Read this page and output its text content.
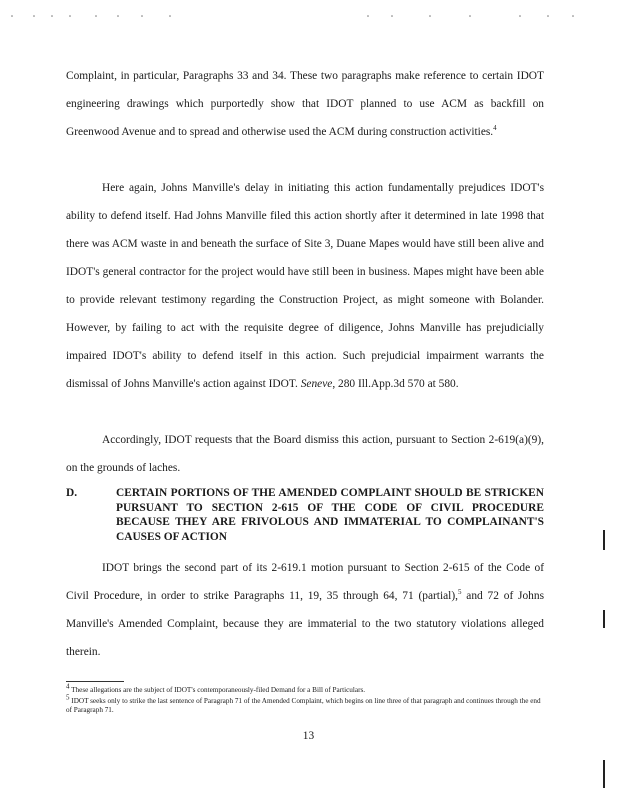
Complaint, in particular, Paragraphs 33 and 34. These two paragraphs make reference to certain IDOT engineering drawings which purportedly show that IDOT planned to use ACM as backfill on Greenwood Avenue and to spread and otherwise used the ACM during construction activities.$^4$

Here again, Johns Manville's delay in initiating this action fundamentally prejudices IDOT's ability to defend itself. Had Johns Manville filed this action shortly after it determined in late 1998 that there was ACM waste in and beneath the surface of Site 3, Duane Mapes would have still been alive and IDOT's general contractor for the project would have still been in business. Mapes might have been able to provide relevant testimony regarding the Construction Project, as might someone with Bolander. However, by failing to act with the requisite degree of diligence, Johns Manville has prejudicially impaired IDOT's ability to defend itself in this action. Such prejudicial impairment warrants the dismissal of Johns Manville's action against IDOT. Seneve, 280 Ill.App.3d 570 at 580.

Accordingly, IDOT requests that the Board dismiss this action, pursuant to Section 2-619(a)(9), on the grounds of laches.

D.	CERTAIN PORTIONS OF THE AMENDED COMPLAINT SHOULD BE STRICKEN PURSUANT TO SECTION 2-615 OF THE CODE OF CIVIL PROCEDURE BECAUSE THEY ARE FRIVOLOUS AND IMMATERIAL TO COMPLAINANT'S CAUSES OF ACTION

IDOT brings the second part of its 2-619.1 motion pursuant to Section 2-615 of the Code of Civil Procedure, in order to strike Paragraphs 11, 19, 35 through 64, 71 (partial),$^5$ and 72 of Johns Manville's Amended Complaint, because they are immaterial to the two statutory violations alleged therein.

$^4$ These allegations are the subject of IDOT's contemporaneously-filed Demand for a Bill of Particulars.
$^5$ IDOT seeks only to strike the last sentence of Paragraph 71 of the Amended Complaint, which begins on line three of that paragraph and continues through the end of Paragraph 71.
13
